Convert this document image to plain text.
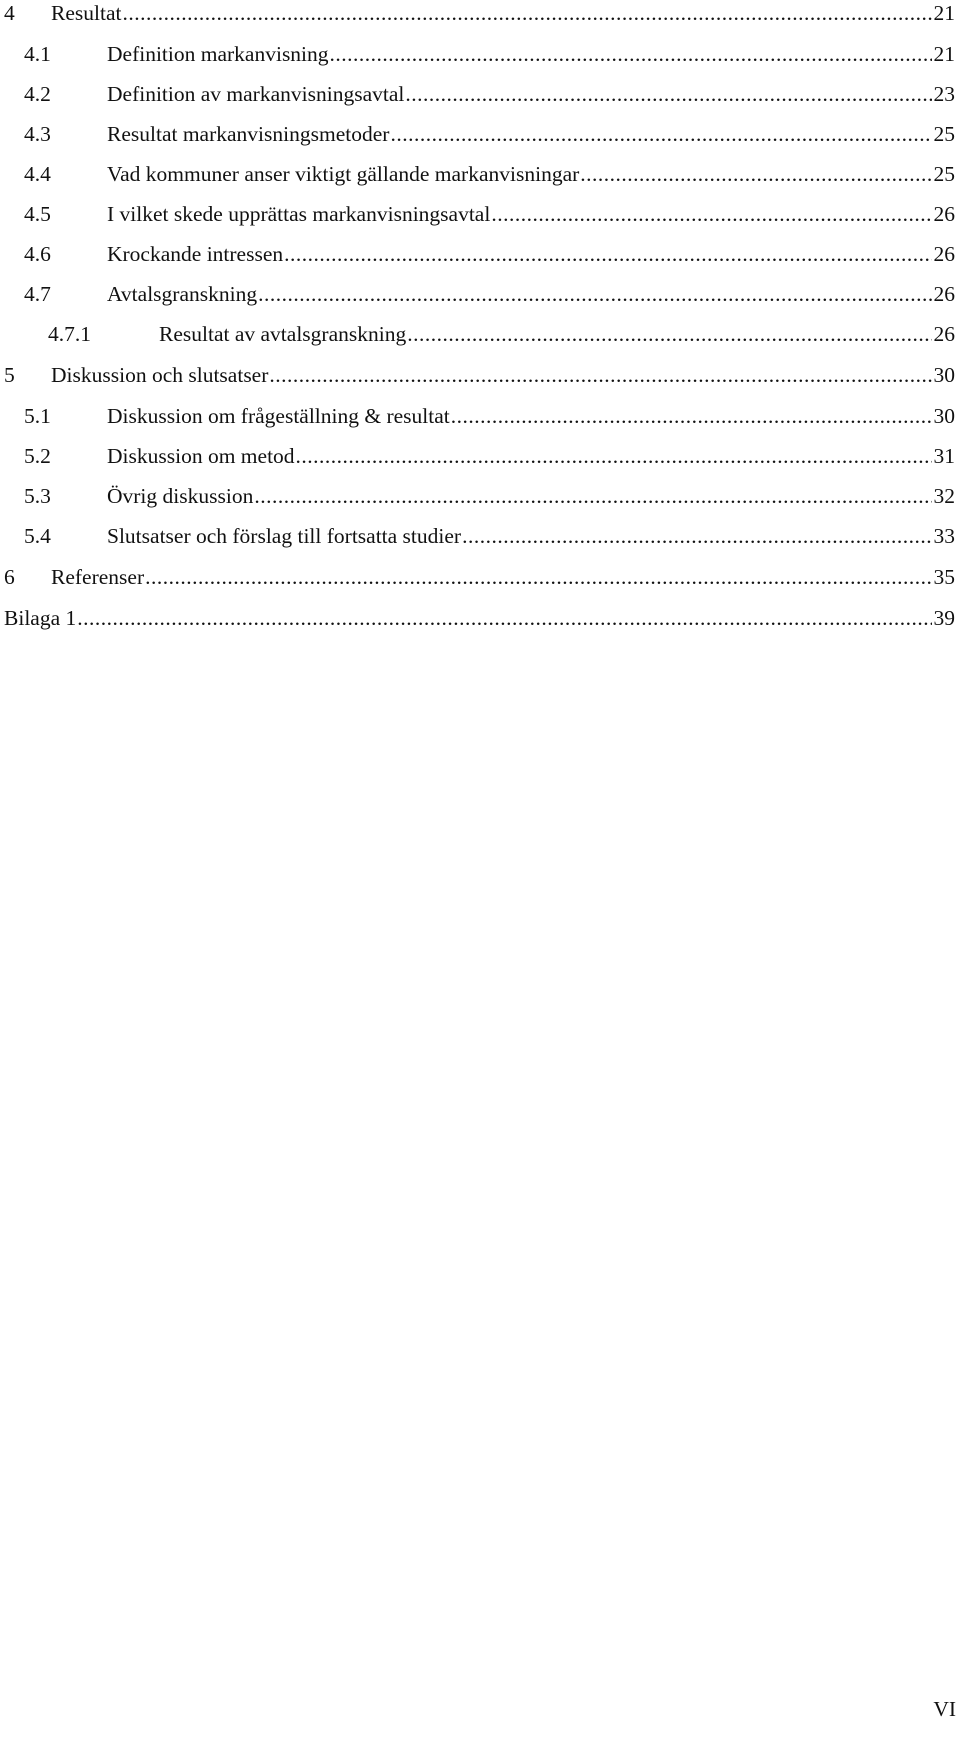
4	Resultat .....	21
4.1	Definition markanvisning .....	21
4.2	Definition av markanvisningsavtal .....	23
4.3	Resultat markanvisningsmetoder .....	25
4.4	Vad kommuner anser viktigt gällande markanvisningar .....	25
4.5	I vilket skede upprättas markanvisningsavtal .....	26
4.6	Krockande intressen .....	26
4.7	Avtalsgranskning .....	26
4.7.1	Resultat av avtalsgranskning .....	26
5	Diskussion och slutsatser .....	30
5.1	Diskussion om frågeställning & resultat .....	30
5.2	Diskussion om metod .....	31
5.3	Övrig diskussion .....	32
5.4	Slutsatser och förslag till fortsatta studier .....	33
6	Referenser .....	35
Bilaga 1 .....	39
VI
